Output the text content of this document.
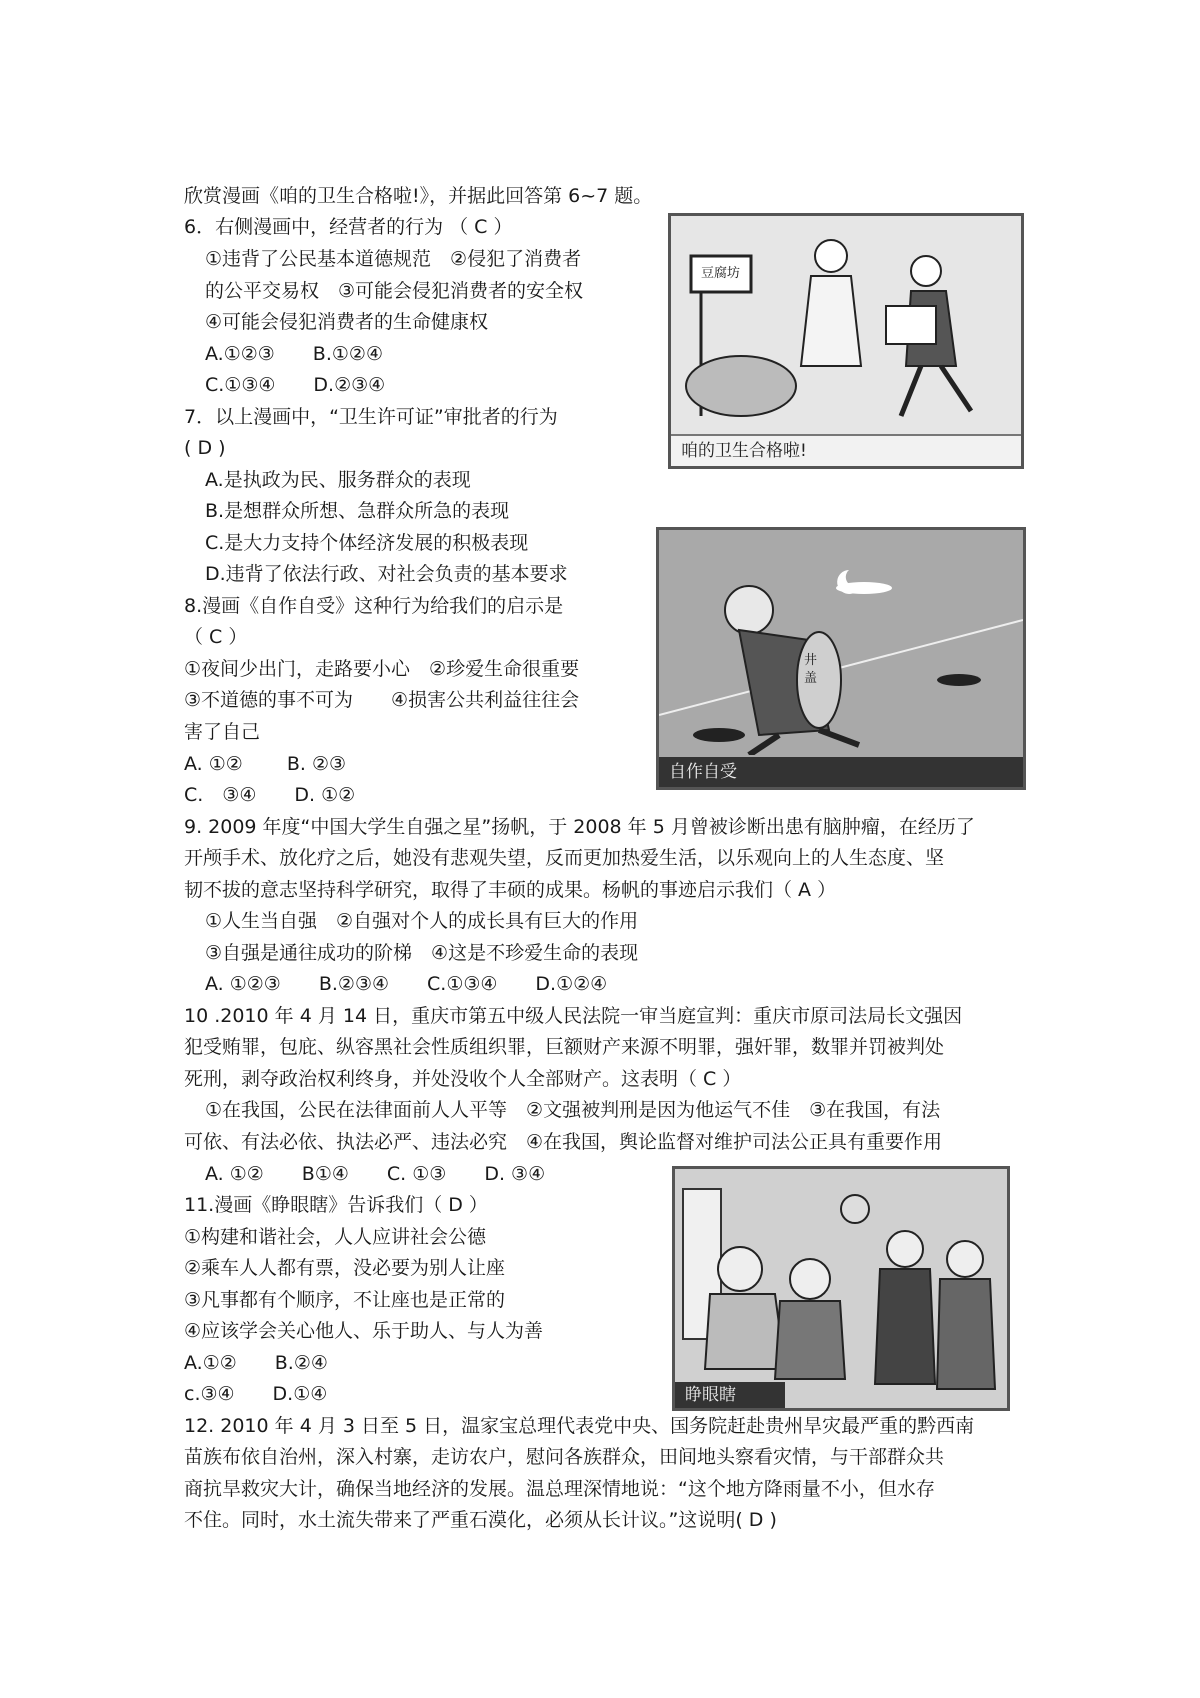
欣赏漫画《咱的卫生合格啦!》，并据此回答第 6~7 题。
6．右侧漫画中，经营者的行为 （ C ）
①违背了公民基本道德规范　②侵犯了消费者
的公平交易权　③可能会侵犯消费者的安全权
④可能会侵犯消费者的生命健康权
A.①②③　　B.①②④
C.①③④　　D.②③④
7．以上漫画中，“卫生许可证”审批者的行为
( D )
A.是执政为民、服务群众的表现
B.是想群众所想、急群众所急的表现
C.是大力支持个体经济发展的积极表现
D.违背了依法行政、对社会负责的基本要求
8.漫画《自作自受》这种行为给我们的启示是
（ C ）
①夜间少出门，走路要小心　②珍爱生命很重要
③不道德的事不可为　　④损害公共利益往往会
害了自己
A. ①②　　 B. ②③
C.　③④　　D. ①②
9. 2009 年度“中国大学生自强之星”扬帆，于 2008 年 5 月曾被诊断出患有脑肿瘤，在经历了
开颅手术、放化疗之后，她没有悲观失望，反而更加热爱生活，以乐观向上的人生态度、坚
韧不拔的意志坚持科学研究，取得了丰硕的成果。杨帆的事迹启示我们（ A ）
①人生当自强　②自强对个人的成长具有巨大的作用
③自强是通往成功的阶梯　④这是不珍爱生命的表现
A. ①②③　　B.②③④　　C.①③④　　D.①②④
10 .2010 年 4 月 14 日，重庆市第五中级人民法院一审当庭宣判：重庆市原司法局长文强因
犯受贿罪，包庇、纵容黑社会性质组织罪，巨额财产来源不明罪，强奸罪，数罪并罚被判处
死刑，剥夺政治权利终身，并处没收个人全部财产。这表明（ C ）
①在我国，公民在法律面前人人平等　②文强被判刑是因为他运气不佳　③在我国，有法
可依、有法必依、执法必严、违法必究　④在我国，舆论监督对维护司法公正具有重要作用
A. ①②　　B①④　　C. ①③　　D. ③④
11.漫画《睁眼瞎》告诉我们（ D ）
①构建和谐社会，人人应讲社会公德
②乘车人人都有票，没必要为别人让座
③凡事都有个顺序，不让座也是正常的
④应该学会关心他人、乐于助人、与人为善
A.①②　　B.②④
c.③④　　D.①④
12. 2010 年 4 月 3 日至 5 日，温家宝总理代表党中央、国务院赶赴贵州旱灾最严重的黔西南
苗族布依自治州，深入村寨，走访农户，慰问各族群众，田间地头察看灾情，与干部群众共
商抗旱救灾大计，确保当地经济的发展。温总理深情地说：“这个地方降雨量不小，但水存
不住。同时，水土流失带来了严重石漠化，必须从长计议。”这说明( D )
豆腐坊
咱的卫生合格啦!
井盖
自作自受
睁眼瞎
